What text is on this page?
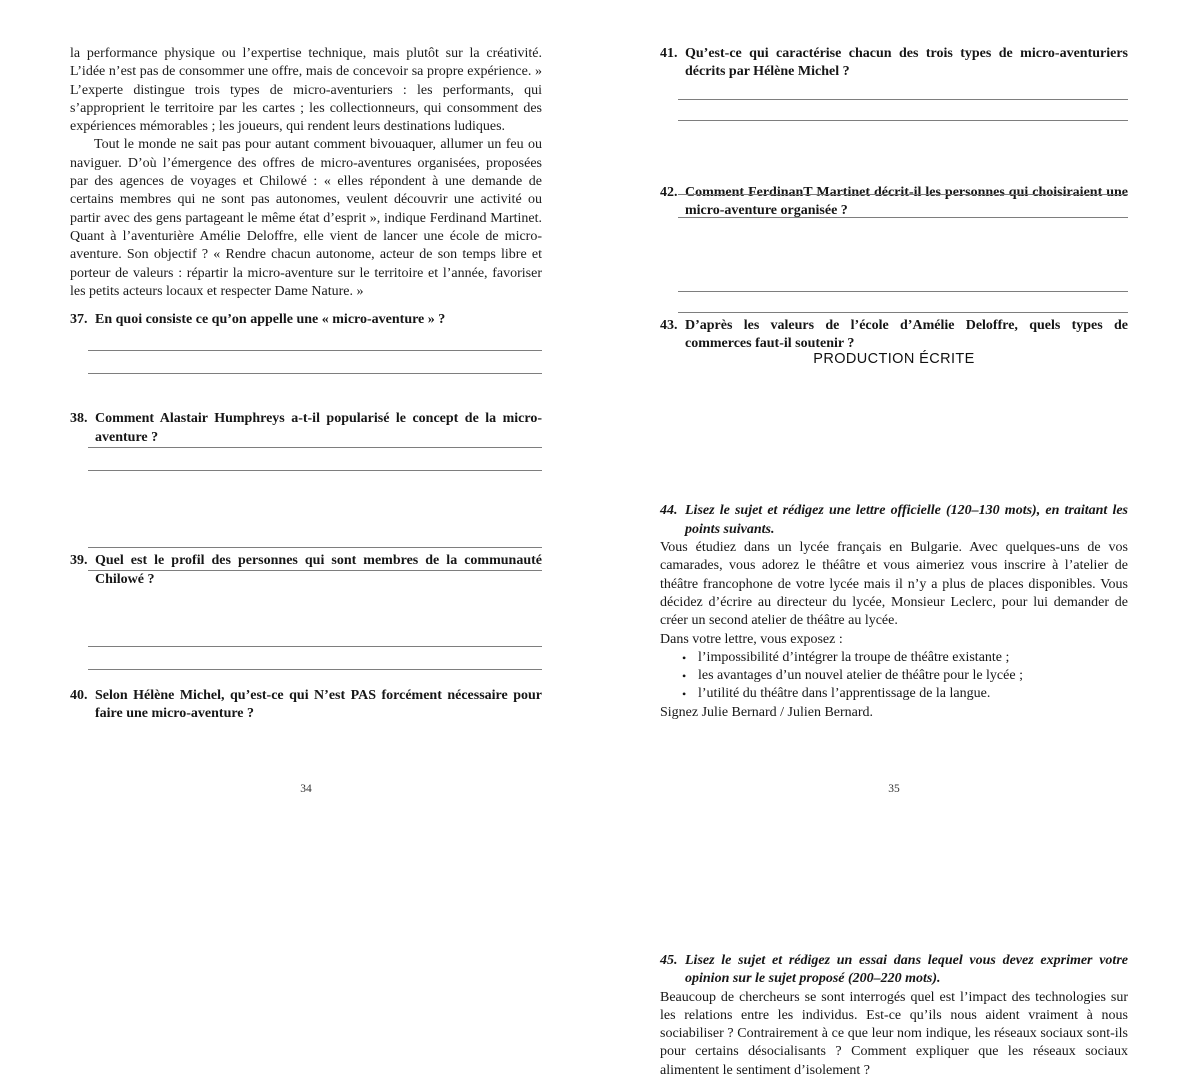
la performance physique ou l’expertise technique, mais plutôt sur la créativité. L’idée n’est pas de consommer une offre, mais de concevoir sa propre expérience. » L’experte distingue trois types de micro-aventuriers : les performants, qui s’approprient le territoire par les cartes ; les collectionneurs, qui consomment des expériences mémorables ; les joueurs, qui rendent leurs destinations ludiques.

Tout le monde ne sait pas pour autant comment bivouaquer, allumer un feu ou naviguer. D’où l’émergence des offres de micro-aventures organisées, proposées par des agences de voyages et Chilowé : « elles répondent à une demande de certains membres qui ne sont pas autonomes, veulent découvrir une activité ou partir avec des gens partageant le même état d’esprit », indique Ferdinand Martinet. Quant à l’aventurière Amélie Deloffre, elle vient de lancer une école de micro-aventure. Son objectif ? « Rendre chacun autonome, acteur de son temps libre et porteur de valeurs : répartir la micro-aventure sur le territoire et l’année, favoriser les petits acteurs locaux et respecter Dame Nature. »

37. En quoi consiste ce qu’on appelle une « micro-aventure » ?
38. Comment Alastair Humphreys a-t-il popularisé le concept de la micro-aventure ?
39. Quel est le profil des personnes qui sont membres de la communauté Chilowé ?
40. Selon Hélène Michel, qu’est-ce qui N’est PAS forcément nécessaire pour faire une micro-aventure ?
34
41. Qu’est-ce qui caractérise chacun des trois types de micro-aventuriers décrits par Hélène Michel ?
42. Comment FerdinanT Martinet décrit-il les personnes qui choisiraient une micro-aventure organisée ?
43. D’après les valeurs de l’école d’Amélie Deloffre, quels types de commerces faut-il soutenir ?
PRODUCTION ÉCRITE
44. Lisez le sujet et rédigez une lettre officielle (120–130 mots), en traitant les points suivants.
Vous étudiez dans un lycée français en Bulgarie. Avec quelques-uns de vos camarades, vous adorez le théâtre et vous aimeriez vous inscrire à l’atelier de théâtre francophone de votre lycée mais il n’y a plus de places disponibles. Vous décidez d’écrire au directeur du lycée, Monsieur Leclerc, pour lui demander de créer un second atelier de théâtre au lycée.
Dans votre lettre, vous exposez :
• l’impossibilité d’intégrer la troupe de théâtre existante ;
• les avantages d’un nouvel atelier de théâtre pour le lycée ;
• l’utilité du théâtre dans l’apprentissage de la langue.
Signez Julie Bernard / Julien Bernard.
45. Lisez le sujet et rédigez un essai dans lequel vous devez exprimer votre opinion sur le sujet proposé (200–220 mots).
Beaucoup de chercheurs se sont interrogés quel est l’impact des technologies sur les relations entre les individus. Est-ce qu’ils nous aident vraiment à nous sociabiliser ? Contrairement à ce que leur nom indique, les réseaux sociaux sont-ils pour certains désocialisants ? Comment expliquer que les réseaux sociaux alimentent le sentiment d’isolement ?
35
